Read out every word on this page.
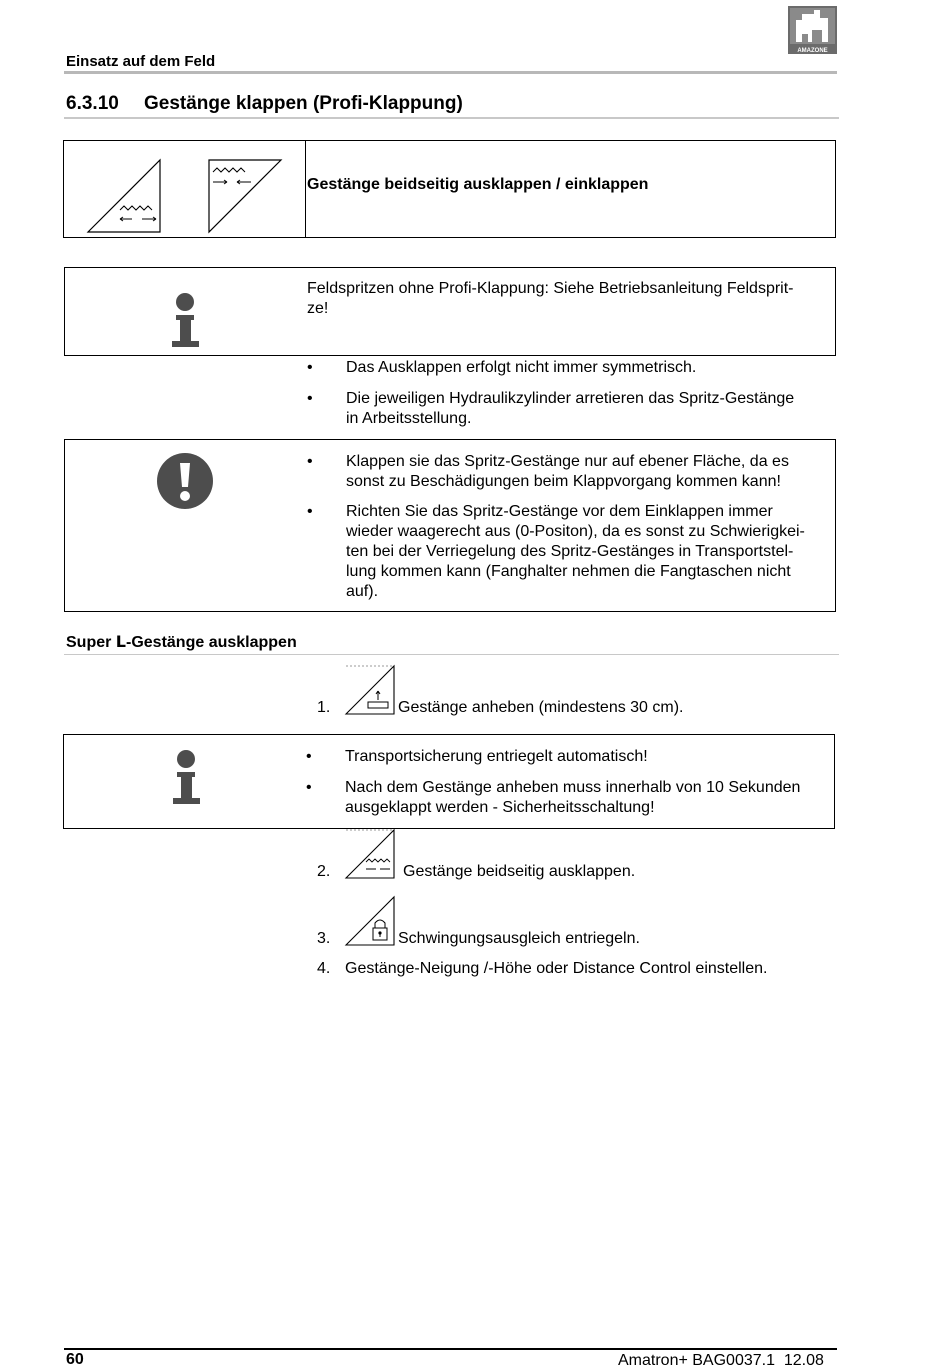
Einsatz auf dem Feld
AMAZONE
6.3.10 Gestänge klappen (Profi-Klappung)
Gestänge beidseitig ausklappen / einklappen
Feldspritzen ohne Profi-Klappung: Siehe Betriebsanleitung Feldsprit-
ze!
• Das Ausklappen erfolgt nicht immer symmetrisch.
• Die jeweiligen Hydraulikzylinder arretieren das Spritz-Gestänge
in Arbeitsstellung.
• Klappen sie das Spritz-Gestänge nur auf ebener Fläche, da es
sonst zu Beschädigungen beim Klappvorgang kommen kann!
• Richten Sie das Spritz-Gestänge vor dem Einklappen immer
wieder waagerecht aus (0-Positon), da es sonst zu Schwierigkei-
ten bei der Verriegelung des Spritz-Gestänges in Transportstel-
lung kommen kann (Fanghalter nehmen die Fangtaschen nicht
auf).
Super L-Gestänge ausklappen
1.	Gestänge anheben (mindestens 30 cm).
• Transportsicherung entriegelt automatisch!
• Nach dem Gestänge anheben muss innerhalb von 10 Sekunden
ausgeklappt werden - Sicherheitsschaltung!
2.	Gestänge beidseitig ausklappen.
3.	Schwingungsausgleich entriegeln.
4. Gestänge-Neigung /-Höhe oder Distance Control einstellen.
60	Amatron+ BAG0037.1  12.08
